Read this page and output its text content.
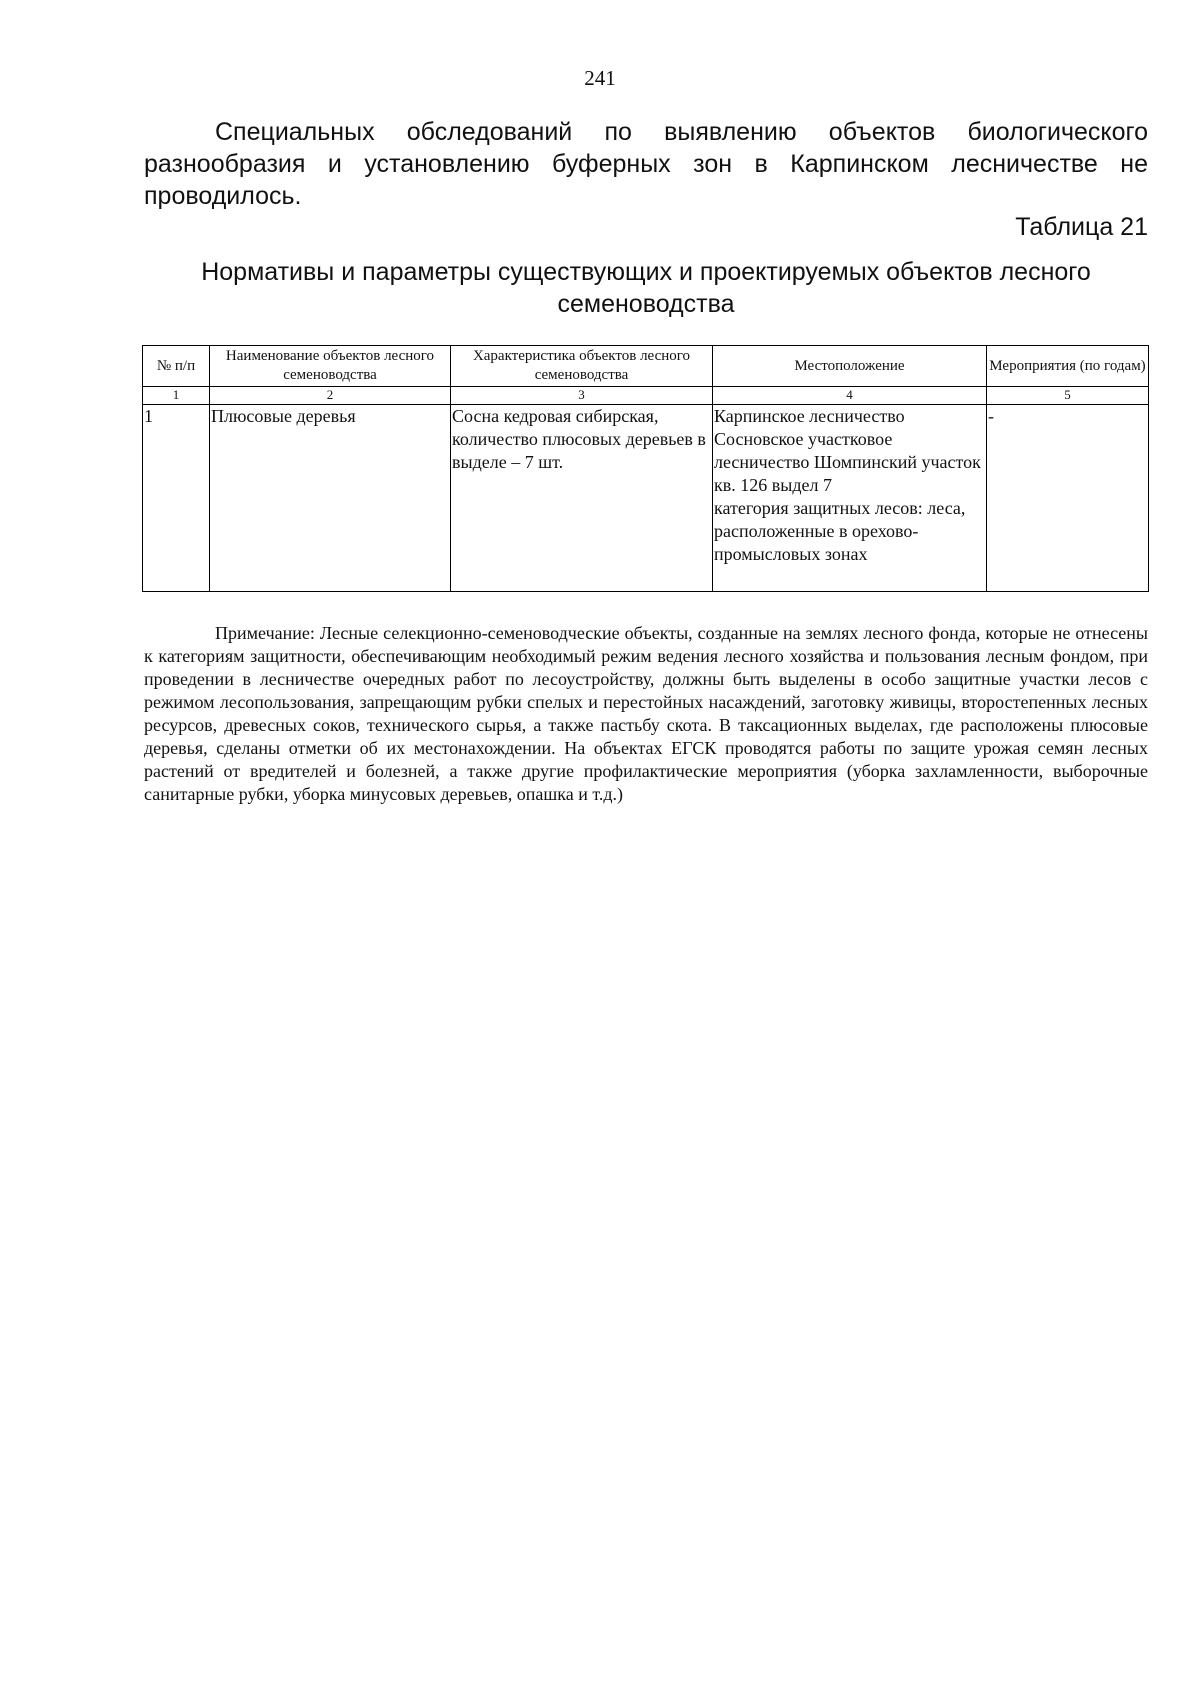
241

Специальных обследований по выявлению объектов биологического разнообразия и установлению буферных зон в Карпинском лесничестве не проводилось.

Таблица 21
Нормативы и параметры существующих и проектируемых объектов лесного семеноводства
№ п/п	Наименование объектов лесного семеноводства	Характеристика объектов лесного семеноводства	Местоположение	Мероприятия (по годам)
1	2	3	4	5
1	Плюсовые деревья	Сосна кедровая сибирская, количество плюсовых деревьев в выделе – 7 шт.	Карпинское лесничество
Сосновское участковое лесничество Шомпинский участок
кв. 126 выдел 7
категория защитных лесов: леса, расположенные в орехово-промысловых зонах	-

Примечание: Лесные селекционно-семеноводческие объекты, созданные на землях лесного фонда, которые не отнесены к категориям защитности, обеспечивающим необходимый режим ведения лесного хозяйства и пользования лесным фондом, при проведении в лесничестве очередных работ по лесоустройству, должны быть выделены в особо защитные участки лесов с режимом лесопользования, запрещающим рубки спелых и перестойных насаждений, заготовку живицы, второстепенных лесных ресурсов, древесных соков, технического сырья, а также пастьбу скота. В таксационных выделах, где расположены плюсовые деревья, сделаны отметки об их местонахождении. На объектах ЕГСК проводятся работы по защите урожая семян лесных растений от вредителей и болезней, а также другие профилактические мероприятия (уборка захламленности, выборочные санитарные рубки, уборка минусовых деревьев, опашка и т.д.)
